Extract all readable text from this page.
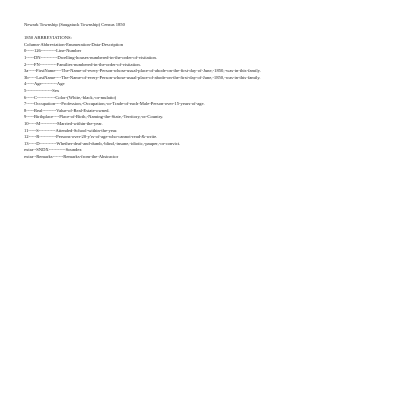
Newark Township (Saugatuck Township) Census 1850
1850 ABBREVIATIONS:
Column-Abbreviation-Enumeration-Data-Description
0-----126----------Line-Number
1-----DN-----------Dwelling-houses-numbered-in-the-order-of-visitation.
2-----FN-----------Families-numbered-in-the-order-of-visitation.
3a-----FirstName----The-Name-of-every-Person-whose-usual-place-of-abode-on-the-first-day-of-June,-1850,-was-in-this-family.
3b-----LastName----The-Name-of-every-Person-whose-usual-place-of-abode-on-the-first-day-of-June,-1850,-was-in-this-family.
4-----Age----------Age
5-----------------Sex
6-----C------------Color-(White,-black,-or-mulatto)
7-----Occupation----Profession,-Occupation,-or-Trade-of-each-Male-Person-over-15-years-of-age.
8-----Real---------Value-of-Real-Estate-owned.
9-----Birthplace----Place-of-Birth,-Naming-the-State,-Territory,-or-Country.
10-----M-----------Married-within-the-year.
11-----S-----------Attended-School-within-the-year.
12-----R-----------Persons-over-20-y'rs-of-age-who-cannot-read-&-write.
13-----D-----------Whether-deaf-and-dumb,-blind,-insane,-idiotic,-pauper,-or-convict.
extra--SNDX-----------Soundex
extra--Remarks-------Remarks-from-the-Abstractor
